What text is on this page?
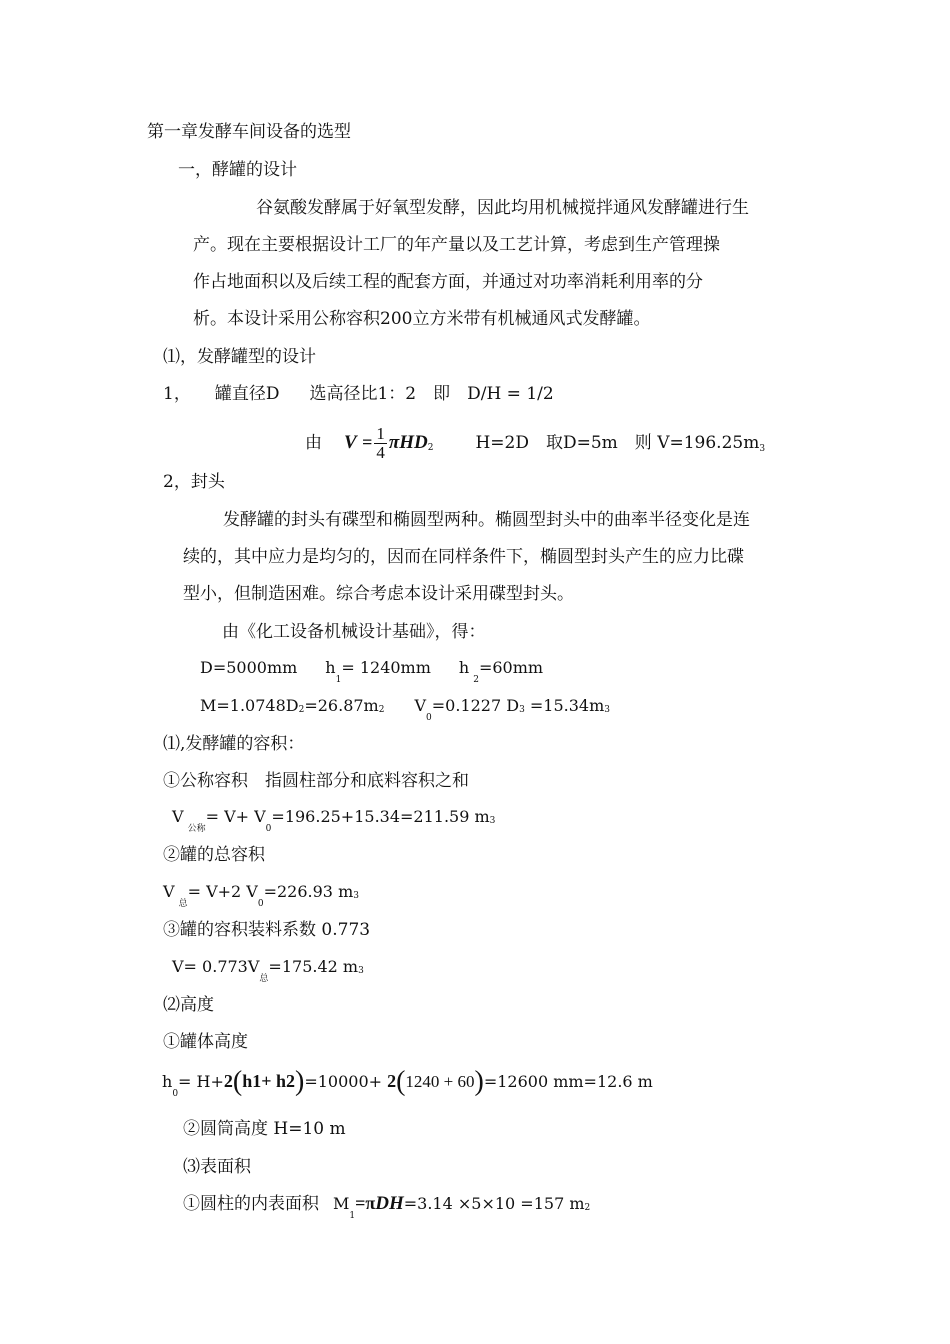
第一章发酵车间设备的选型
一，酵罐的设计
谷氨酸发酵属于好氧型发酵，因此均用机械搅拌通风发酵罐进行生
产。现在主要根据设计工厂的年产量以及工艺计算，考虑到生产管理操
作占地面积以及后续工程的配套方面，并通过对功率消耗利用率的分
析。本设计采用公称容积200立方米带有机械通风式发酵罐。
⑴，发酵罐型的设计
1， 罐直径D 选高径比1：2　即　D/H = 1/2
由 $V = \frac{1}{4} \pi HD2$ H=2D　取D=5m　则 V=196.25m3
2，封头
发酵罐的封头有碟型和椭圆型两种。椭圆型封头中的曲率半径变化是连
续的，其中应力是均匀的，因而在同样条件下，椭圆型封头产生的应力比碟
型小，但制造困难。综合考虑本设计采用碟型封头。
由《化工设备机械设计基础》，得：
D=5000mm $h_1= 1240mm$ $h_2=60mm$
M=1.0748D2=26.87m2 $V_0=0.1227$ D3 =15.34m3
⑴,发酵罐的容积：
①公称容积　指圆柱部分和底料容积之和
$V_{公称}= V+ V_0=196.25+15.34=211.59$ m3
②罐的总容积
$V_总= V+2$ $V_0=226.93$ m3
③罐的容积装料系数 0.773
$V= 0.773V_总=175.42$ m3
⑵高度
①罐体高度
$h_0= H+2(h1+ h2)=10000+ 2(1240 + 60)=12600$ mm=12.6 m
②圆筒高度 H=10 m
⑶表面积
①圆柱的内表面积 $M_1=\pi DH=3.14 \times 5\times 10 =157$ m2
